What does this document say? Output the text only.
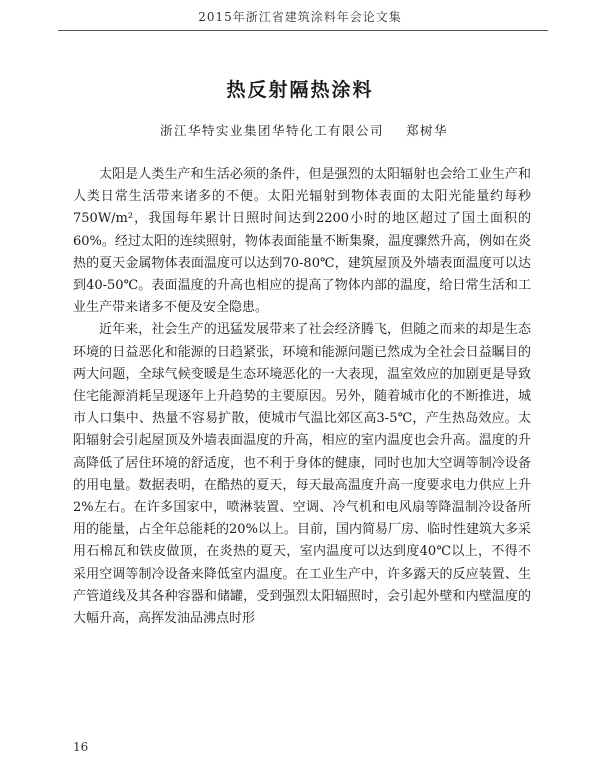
2015年浙江省建筑涂料年会论文集
热反射隔热涂料
浙江华特实业集团华特化工有限公司 郑树华

太阳是人类生产和生活必须的条件，但是强烈的太阳辐射也会给工业生产和人类日常生活带来诸多的不便。太阳光辐射到物体表面的太阳光能量约每秒750W/m²，我国每年累计日照时间达到2200小时的地区超过了国土面积的60%。经过太阳的连续照射，物体表面能量不断集聚，温度骤然升高，例如在炎热的夏天金属物体表面温度可以达到70-80℃，建筑屋顶及外墙表面温度可以达到40-50℃。表面温度的升高也相应的提高了物体内部的温度，给日常生活和工业生产带来诸多不便及安全隐患。

近年来，社会生产的迅猛发展带来了社会经济腾飞，但随之而来的却是生态环境的日益恶化和能源的日趋紧张，环境和能源问题已然成为全社会日益瞩目的两大问题，全球气候变暖是生态环境恶化的一大表现，温室效应的加剧更是导致住宅能源消耗呈现逐年上升趋势的主要原因。另外，随着城市化的不断推进，城市人口集中、热量不容易扩散，使城市气温比郊区高3-5℃，产生热岛效应。太阳辐射会引起屋顶及外墙表面温度的升高，相应的室内温度也会升高。温度的升高降低了居住环境的舒适度，也不利于身体的健康，同时也加大空调等制冷设备的用电量。数据表明，在酷热的夏天，每天最高温度升高一度要求电力供应上升2%左右。在许多国家中，喷淋装置、空调、冷气机和电风扇等降温制冷设备所用的能量，占全年总能耗的20%以上。目前，国内简易厂房、临时性建筑大多采用石棉瓦和铁皮做顶，在炎热的夏天，室内温度可以达到度40℃以上，不得不采用空调等制冷设备来降低室内温度。在工业生产中，许多露天的反应装置、生产管道线及其各种容器和储罐，受到强烈太阳辐照时，会引起外壁和内壁温度的大幅升高，高挥发油品沸点时形

16
